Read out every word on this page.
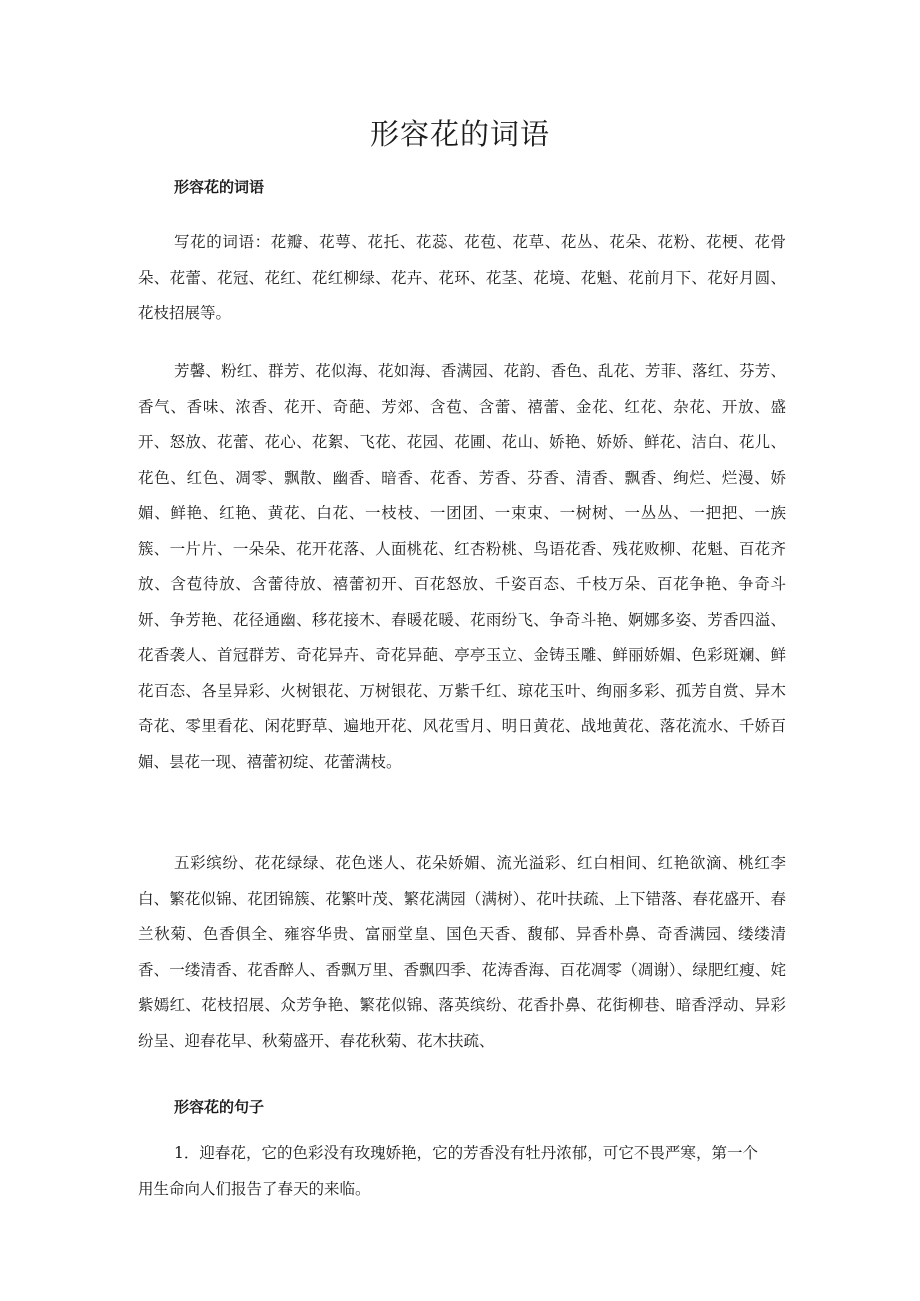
形容花的词语
形容花的词语

写花的词语：花瓣、花萼、花托、花蕊、花苞、花草、花丛、花朵、花粉、花梗、花骨朵、花蕾、花冠、花红、花红柳绿、花卉、花环、花茎、花境、花魁、花前月下、花好月圆、花枝招展等。

芳馨、粉红、群芳、花似海、花如海、香满园、花韵、香色、乱花、芳菲、落红、芬芳、香气、香味、浓香、花开、奇葩、芳郊、含苞、含蕾、禧蕾、金花、红花、杂花、开放、盛开、怒放、花蕾、花心、花絮、飞花、花园、花圃、花山、娇艳、娇娇、鲜花、洁白、花儿、花色、红色、凋零、飘散、幽香、暗香、花香、芳香、芬香、清香、飘香、绚烂、烂漫、娇媚、鲜艳、红艳、黄花、白花、一枝枝、一团团、一束束、一树树、一丛丛、一把把、一族簇、一片片、一朵朵、花开花落、人面桃花、红杏粉桃、鸟语花香、残花败柳、花魁、百花齐放、含苞待放、含蕾待放、禧蕾初开、百花怒放、千姿百态、千枝万朵、百花争艳、争奇斗妍、争芳艳、花径通幽、移花接木、春暖花暖、花雨纷飞、争奇斗艳、婀娜多姿、芳香四溢、花香袭人、首冠群芳、奇花异卉、奇花异葩、亭亭玉立、金铸玉雕、鲜丽娇媚、色彩斑斓、鲜花百态、各呈异彩、火树银花、万树银花、万紫千红、琼花玉叶、绚丽多彩、孤芳自赏、异木奇花、零里看花、闲花野草、遍地开花、风花雪月、明日黄花、战地黄花、落花流水、千娇百媚、昙花一现、禧蕾初绽、花蕾满枝。

五彩缤纷、花花绿绿、花色迷人、花朵娇媚、流光溢彩、红白相间、红艳欲滴、桃红李白、繁花似锦、花团锦簇、花繁叶茂、繁花满园（满树）、花叶扶疏、上下错落、春花盛开、春兰秋菊、色香俱全、雍容华贵、富丽堂皇、国色天香、馥郁、异香朴鼻、奇香满园、缕缕清香、一缕清香、花香醉人、香飘万里、香飘四季、花涛香海、百花凋零（凋谢）、绿肥红瘦、姹紫嫣红、花枝招展、众芳争艳、繁花似锦、落英缤纷、花香扑鼻、花街柳巷、暗香浮动、异彩纷呈、迎春花早、秋菊盛开、春花秋菊、花木扶疏、

形容花的句子

1．迎春花，它的色彩没有玫瑰娇艳，它的芳香没有牡丹浓郁，可它不畏严寒，第一个用生命向人们报告了春天的来临。
